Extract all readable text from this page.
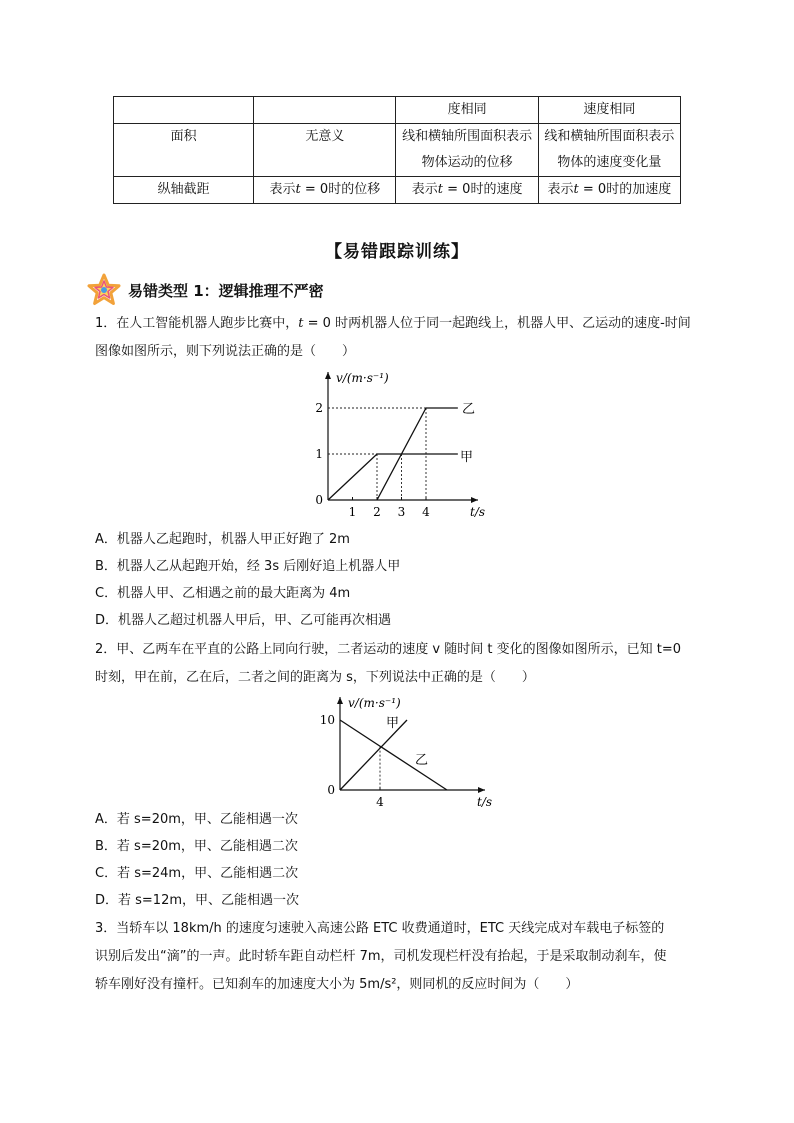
		度相同	速度相同
面积	无意义	线和横轴所围面积表示物体运动的位移	线和横轴所围面积表示物体的速度变化量
纵轴截距	表示t = 0时的位移	表示t = 0时的速度	表示t = 0时的加速度
【易错跟踪训练】
易错类型 1：逻辑推理不严密
1．在人工智能机器人跑步比赛中，t = 0 时两机器人位于同一起跑线上，机器人甲、乙运动的速度-时间图像如图所示，则下列说法正确的是（　　）
v/(m·s⁻¹)
t/s
1 2 3 4
0
1
2
甲
乙
A．机器人乙起跑时，机器人甲正好跑了 2m
B．机器人乙从起跑开始，经 3s 后刚好追上机器人甲
C．机器人甲、乙相遇之前的最大距离为 4m
D．机器人乙超过机器人甲后，甲、乙可能再次相遇
2．甲、乙两车在平直的公路上同向行驶，二者运动的速度 v 随时间 t 变化的图像如图所示，已知 t=0
时刻，甲在前，乙在后，二者之间的距离为 s，下列说法中正确的是（　　）
v/(m·s⁻¹)
t/s
4
0
10	甲
乙
A．若 s=20m，甲、乙能相遇一次
B．若 s=20m，甲、乙能相遇二次
C．若 s=24m，甲、乙能相遇二次
D．若 s=12m，甲、乙能相遇一次
3．当轿车以 18km/h 的速度匀速驶入高速公路 ETC 收费通道时，ETC 天线完成对车载电子标签的
识别后发出“滴”的一声。此时轿车距自动栏杆 7m，司机发现栏杆没有抬起，于是采取制动刹车，使
轿车刚好没有撞杆。已知刹车的加速度大小为 5m/s²，则同机的反应时间为（　　）
